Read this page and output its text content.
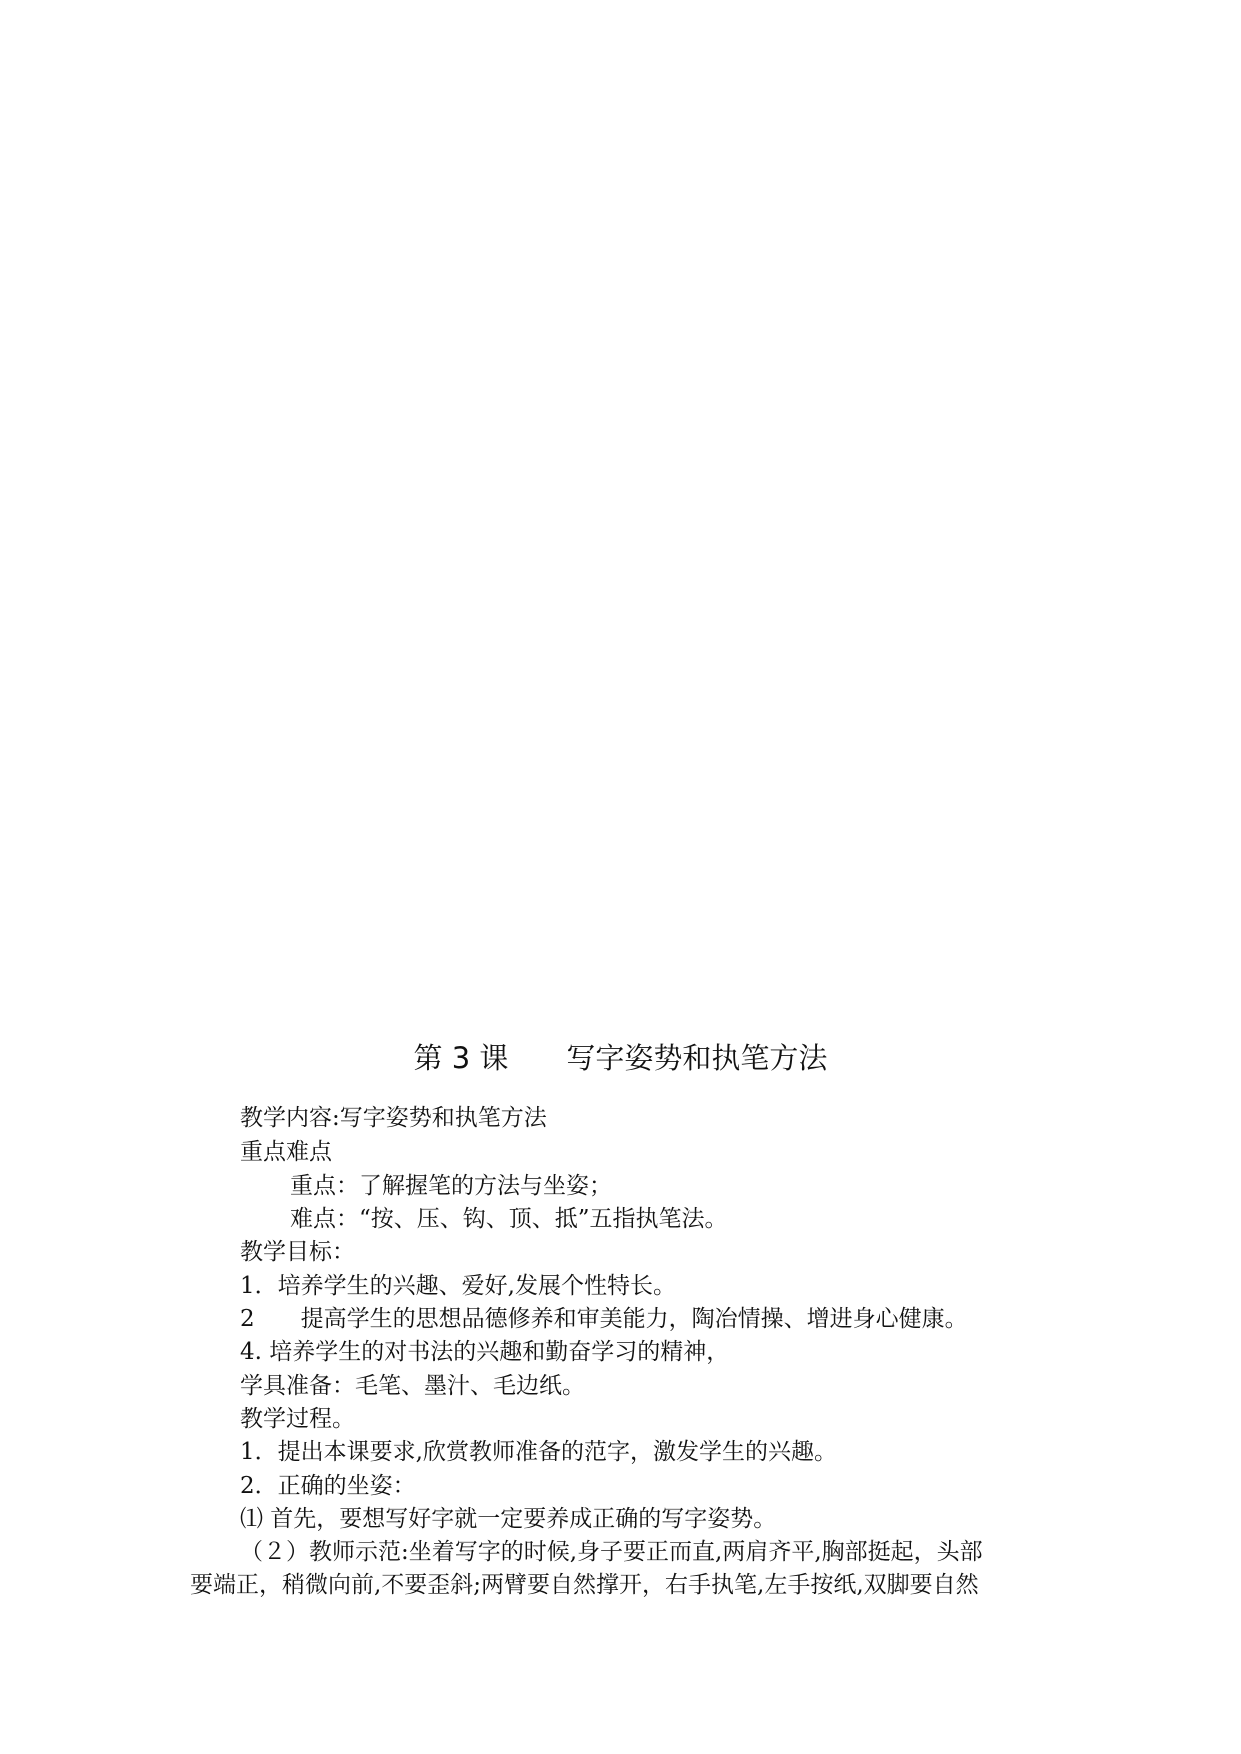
第 3 课　　写字姿势和执笔方法
教学内容:写字姿势和执笔方法
重点难点
重点：了解握笔的方法与坐姿；
难点：“按、压、钩、顶、抵”五指执笔法。
教学目标：
1．培养学生的兴趣、爱好,发展个性特长。
2　　提高学生的思想品德修养和审美能力，陶冶情操、增进身心健康。
4. 培养学生的对书法的兴趣和勤奋学习的精神，
学具准备：毛笔、墨汁、毛边纸。
教学过程。
1．提出本课要求,欣赏教师准备的范字，激发学生的兴趣。
2．正确的坐姿：
⑴ 首先，要想写好字就一定要养成正确的写字姿势。
（２）教师示范:坐着写字的时候,身子要正而直,两肩齐平,胸部挺起，头部
要端正，稍微向前,不要歪斜;两臂要自然撑开，右手执笔,左手按纸,双脚要自然
